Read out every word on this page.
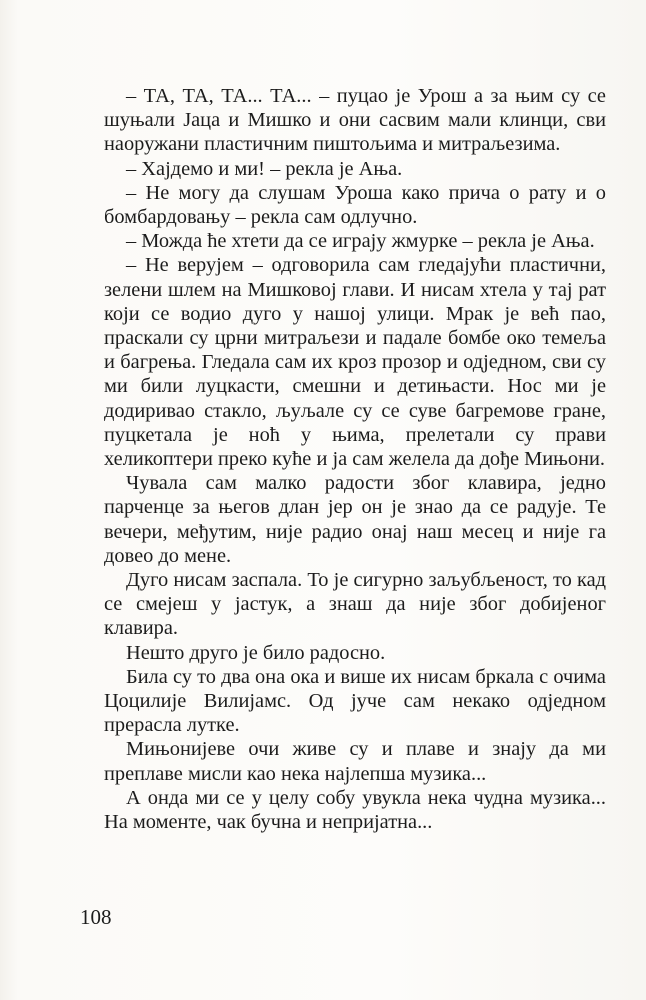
– ТА, ТА, ТА... ТА... – пуцао је Урош а за њим су се шуњали Јаца и Мишко и они сасвим мали клинци, сви наоружани пластичним пиштољима и митраљезима.

– Хајдемо и ми! – рекла је Ања.

– Не могу да слушам Уроша како прича о рату и о бомбардовању – рекла сам одлучно.

– Можда ће хтети да се играју жмурке – рекла је Ања.

– Не верујем – одговорила сам гледајући пластични, зелени шлем на Мишковој глави. И нисам хтела у тај рат који се водио дуго у нашој улици. Мрак је већ пао, праскали су црни митраљези и падале бомбе око темеља и багрења. Гледала сам их кроз прозор и одједном, сви су ми били луцкасти, смешни и детињасти. Нос ми је додиривао стакло, љуљале су се суве багремове гране, пуцкетала је ноћ у њима, прелетали су прави хеликоптери преко куће и ја сам желела да дође Мињони.

Чувала сам малко радости због клавира, једно парченце за његов длан јер он је знао да се радује. Те вечери, међутим, није радио онај наш месец и није га довео до мене.

Дуго нисам заспала. То је сигурно заљубљеност, то кад се смејеш у јастук, а знаш да није због добијеног клавира.

Нешто друго је било радосно.

Била су то два она ока и више их нисам бркала с очима Цоцилије Вилијамс. Од јуче сам некако одједном прерасла лутке.

Мињонијеве очи живе су и плаве и знају да ми преплаве мисли као нека најлепша музика...

А онда ми се у целу собу увукла нека чудна музика... На моменте, чак бучна и непријатна...

108
